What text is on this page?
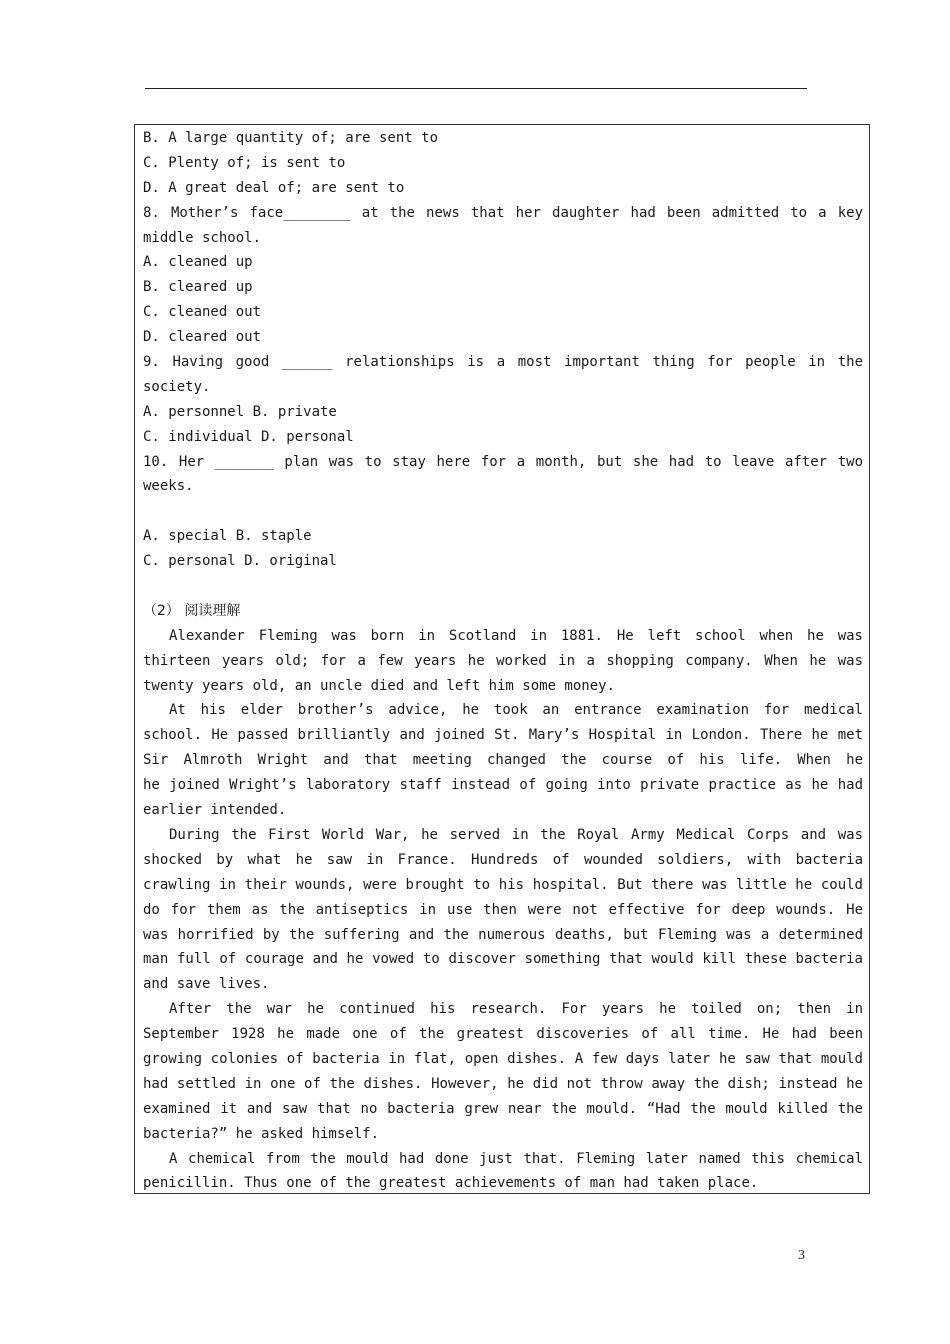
B. A large quantity of; are sent to
C. Plenty of; is sent to
D. A great deal of; are sent to
8. Mother’s face________ at the news that her daughter had been admitted to a key
middle school.
A. cleaned up
B. cleared up
C. cleaned out
D. cleared out
9. Having good ______ relationships is a most important thing for people in the
society.
A. personnel B. private
C. individual D. personal
10. Her _______ plan was to stay here for a month, but she had to leave after two
weeks.
A. special B. staple
C. personal D. original
（2） 阅读理解
Alexander Fleming was born in Scotland in 1881. He left school when he was
thirteen years old; for a few years he worked in a shopping company. When he was
twenty years old, an uncle died and left him some money.
At his elder brother’s advice, he took an entrance examination for medical
school. He passed brilliantly and joined St. Mary’s Hospital in London. There he met
Sir Almroth Wright and that meeting changed the course of his life. When he
he joined Wright’s laboratory staff instead of going into private practice as he had
earlier intended.
During the First World War, he served in the Royal Army Medical Corps and was
shocked by what he saw in France. Hundreds of wounded soldiers, with bacteria
crawling in their wounds, were brought to his hospital. But there was little he could
do for them as the antiseptics in use then were not effective for deep wounds. He
was horrified by the suffering and the numerous deaths, but Fleming was a determined
man full of courage and he vowed to discover something that would kill these bacteria
and save lives.
After the war he continued his research. For years he toiled on; then in
September 1928 he made one of the greatest discoveries of all time. He had been
growing colonies of bacteria in flat, open dishes. A few days later he saw that mould
had settled in one of the dishes. However, he did not throw away the dish; instead he
examined it and saw that no bacteria grew near the mould. “Had the mould killed the
bacteria?” he asked himself.
A chemical from the mould had done just that. Fleming later named this chemical
penicillin. Thus one of the greatest achievements of man had taken place.
3
